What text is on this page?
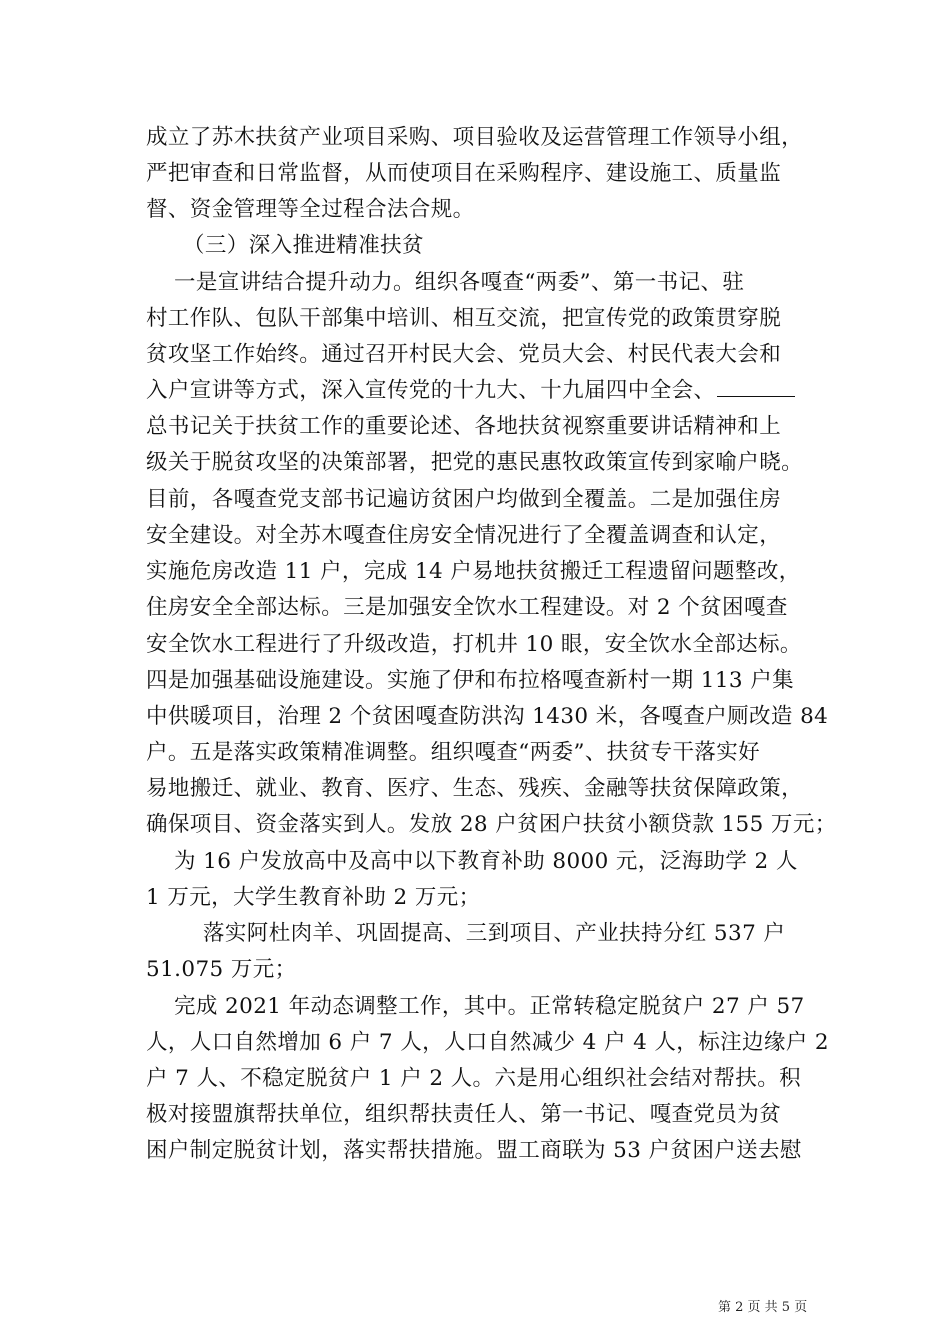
成立了苏木扶贫产业项目采购、项目验收及运营管理工作领导小组，
严把审查和日常监督，从而使项目在采购程序、建设施工、质量监
督、资金管理等全过程合法合规。
（三）深入推进精准扶贫
一是宣讲结合提升动力。组织各嘎查“两委”、第一书记、驻
村工作队、包队干部集中培训、相互交流，把宣传党的政策贯穿脱
贫攻坚工作始终。通过召开村民大会、党员大会、村民代表大会和
入户宣讲等方式，深入宣传党的十九大、十九届四中全会、
总书记关于扶贫工作的重要论述、各地扶贫视察重要讲话精神和上
级关于脱贫攻坚的决策部署，把党的惠民惠牧政策宣传到家喻户晓。
目前，各嘎查党支部书记遍访贫困户均做到全覆盖。二是加强住房
安全建设。对全苏木嘎查住房安全情况进行了全覆盖调查和认定，
实施危房改造 11 户，完成 14 户易地扶贫搬迁工程遗留问题整改，
住房安全全部达标。三是加强安全饮水工程建设。对 2 个贫困嘎查
安全饮水工程进行了升级改造，打机井 10 眼，安全饮水全部达标。
四是加强基础设施建设。实施了伊和布拉格嘎查新村一期 113 户集
中供暖项目，治理 2 个贫困嘎查防洪沟 1430 米，各嘎查户厕改造 84
户。五是落实政策精准调整。组织嘎查“两委”、扶贫专干落实好
易地搬迁、就业、教育、医疗、生态、残疾、金融等扶贫保障政策，
确保项目、资金落实到人。发放 28 户贫困户扶贫小额贷款 155 万元；
为 16 户发放高中及高中以下教育补助 8000 元，泛海助学 2 人
1 万元，大学生教育补助 2 万元；
落实阿杜肉羊、巩固提高、三到项目、产业扶持分红 537 户
51.075 万元；
完成 2021 年动态调整工作，其中。正常转稳定脱贫户 27 户 57
人，人口自然增加 6 户 7 人，人口自然减少 4 户 4 人，标注边缘户 2
户 7 人、不稳定脱贫户 1 户 2 人。六是用心组织社会结对帮扶。积
极对接盟旗帮扶单位，组织帮扶责任人、第一书记、嘎查党员为贫
困户制定脱贫计划，落实帮扶措施。盟工商联为 53 户贫困户送去慰
第 2 页 共 5 页
